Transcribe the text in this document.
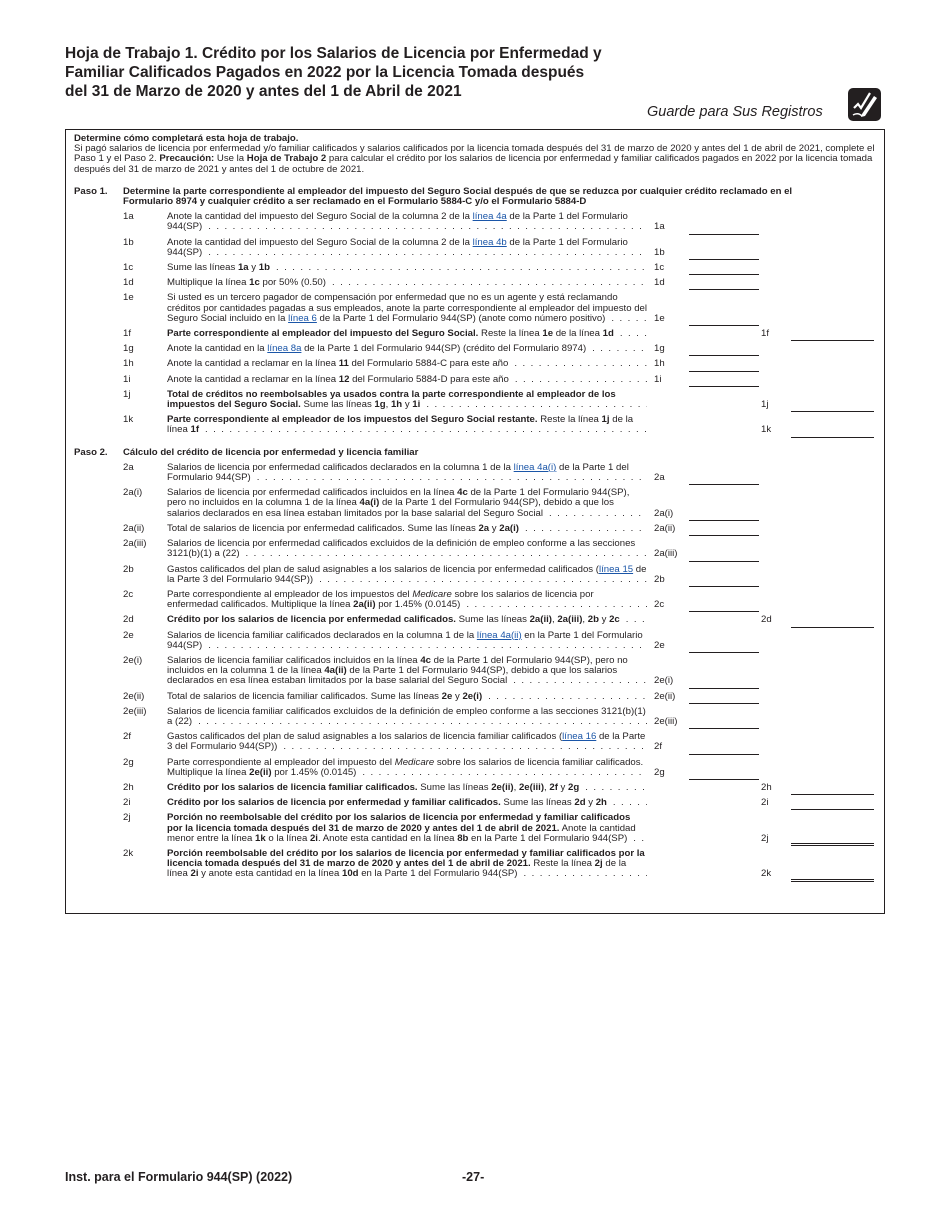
Hoja de Trabajo 1. Crédito por los Salarios de Licencia por Enfermedad y Familiar Calificados Pagados en 2022 por la Licencia Tomada después del 31 de Marzo de 2020 y antes del 1 de Abril de 2021
Guarde para Sus Registros
Determine cómo completará esta hoja de trabajo.
Si pagó salarios de licencia por enfermedad y/o familiar calificados y salarios calificados por la licencia tomada después del 31 de marzo de 2020 y antes del 1 de abril de 2021, complete el Paso 1 y el Paso 2. Precaución: Use la Hoja de Trabajo 2 para calcular el crédito por los salarios de licencia por enfermedad y familiar calificados pagados en 2022 por la licencia tomada después del 31 de marzo de 2021 y antes del 1 de octubre de 2021.
Paso 1.	Determine la parte correspondiente al empleador del impuesto del Seguro Social después de que se reduzca por cualquier crédito reclamado en el Formulario 8974 y cualquier crédito a ser reclamado en el Formulario 5884-C y/o el Formulario 5884-D
1a	Anote la cantidad del impuesto del Seguro Social de la columna 2 de la línea 4a de la Parte 1 del Formulario 944(SP)	1a
1b	Anote la cantidad del impuesto del Seguro Social de la columna 2 de la línea 4b de la Parte 1 del Formulario 944(SP)	1b
1c	Sume las líneas 1a y 1b	1c
1d	Multiplique la línea 1c por 50% (0.50)	1d
1e	Si usted es un tercero pagador de compensación por enfermedad que no es un agente y está reclamando créditos por cantidades pagadas a sus empleados, anote la parte correspondiente al empleador del impuesto del Seguro Social incluido en la línea 6 de la Parte 1 del Formulario 944(SP) (anote como número positivo)	1e
1f	Parte correspondiente al empleador del impuesto del Seguro Social. Reste la línea 1e de la línea 1d	1f
1g	Anote la cantidad en la línea 8a de la Parte 1 del Formulario 944(SP) (crédito del Formulario 8974)	1g
1h	Anote la cantidad a reclamar en la línea 11 del Formulario 5884-C para este año	1h
1i	Anote la cantidad a reclamar en la línea 12 del Formulario 5884-D para este año	1i
1j	Total de créditos no reembolsables ya usados contra la parte correspondiente al empleador de los impuestos del Seguro Social. Sume las líneas 1g, 1h y 1i	1j
1k	Parte correspondiente al empleador de los impuestos del Seguro Social restante. Reste la línea 1j de la línea 1f	1k
Paso 2.	Cálculo del crédito de licencia por enfermedad y licencia familiar
2a	Salarios de licencia por enfermedad calificados declarados en la columna 1 de la línea 4a(i) de la Parte 1 del Formulario 944(SP)	2a
2a(i)	Salarios de licencia por enfermedad calificados incluidos en la línea 4c de la Parte 1 del Formulario 944(SP), pero no incluidos en la columna 1 de la línea 4a(i) de la Parte 1 del Formulario 944(SP), debido a que los salarios declarados en esa línea estaban limitados por la base salarial del Seguro Social	2a(i)
2a(ii)	Total de salarios de licencia por enfermedad calificados. Sume las líneas 2a y 2a(i)	2a(ii)
2a(iii)	Salarios de licencia por enfermedad calificados excluidos de la definición de empleo conforme a las secciones 3121(b)(1) a (22)	2a(iii)
2b	Gastos calificados del plan de salud asignables a los salarios de licencia por enfermedad calificados (línea 15 de la Parte 3 del Formulario 944(SP))	2b
2c	Parte correspondiente al empleador de los impuestos del Medicare sobre los salarios de licencia por enfermedad calificados. Multiplique la línea 2a(ii) por 1.45% (0.0145)	2c
2d	Crédito por los salarios de licencia por enfermedad calificados. Sume las líneas 2a(ii), 2a(iii), 2b y 2c	2d
2e	Salarios de licencia familiar calificados declarados en la columna 1 de la línea 4a(ii) en la Parte 1 del Formulario 944(SP)	2e
2e(i)	Salarios de licencia familiar calificados incluidos en la línea 4c de la Parte 1 del Formulario 944(SP), pero no incluidos en la columna 1 de la línea 4a(ii) de la Parte 1 del Formulario 944(SP), debido a que los salarios declarados en esa línea estaban limitados por la base salarial del Seguro Social	2e(i)
2e(ii)	Total de salarios de licencia familiar calificados. Sume las líneas 2e y 2e(i)	2e(ii)
2e(iii)	Salarios de licencia familiar calificados excluidos de la definición de empleo conforme a las secciones 3121(b)(1) a (22)	2e(iii)
2f	Gastos calificados del plan de salud asignables a los salarios de licencia familiar calificados (línea 16 de la Parte 3 del Formulario 944(SP))	2f
2g	Parte correspondiente al empleador del impuesto del Medicare sobre los salarios de licencia familiar calificados. Multiplique la línea 2e(ii) por 1.45% (0.0145)	2g
2h	Crédito por los salarios de licencia familiar calificados. Sume las líneas 2e(ii), 2e(iii), 2f y 2g	2h
2i	Crédito por los salarios de licencia por enfermedad y familiar calificados. Sume las líneas 2d y 2h	2i
2j	Porción no reembolsable del crédito por los salarios de licencia por enfermedad y familiar calificados por la licencia tomada después del 31 de marzo de 2020 y antes del 1 de abril de 2021. Anote la cantidad menor entre la línea 1k o la línea 2i. Anote esta cantidad en la línea 8b en la Parte 1 del Formulario 944(SP)	2j
2k	Porción reembolsable del crédito por los salarios de licencia por enfermedad y familiar calificados por la licencia tomada después del 31 de marzo de 2020 y antes del 1 de abril de 2021. Reste la línea 2j de la línea 2i y anote esta cantidad en la línea 10d en la Parte 1 del Formulario 944(SP)	2k
Inst. para el Formulario 944(SP) (2022)	-27-
